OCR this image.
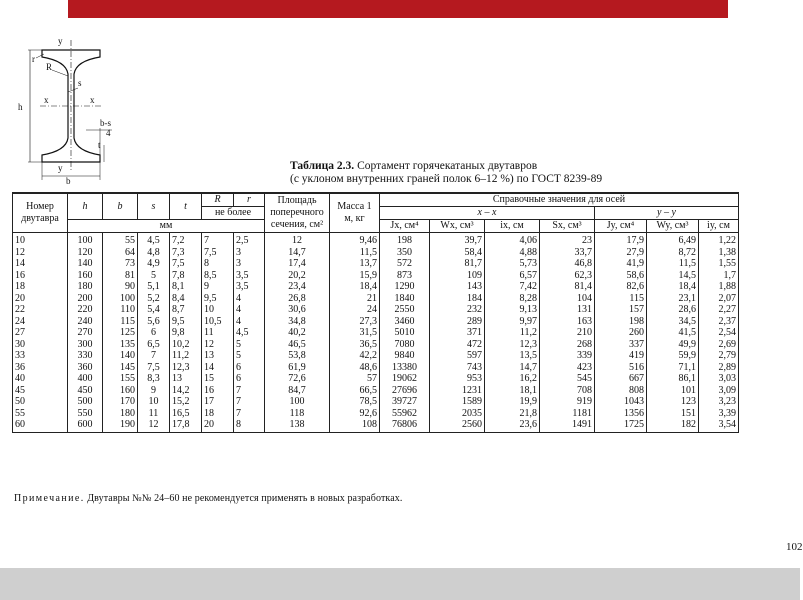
y
r
R
s
x	x
h
b-s
4
t
y
b
Таблица 2.3. Сортамент горячекатаных двутавров
(с уклоном внутренних граней полок 6–12 %) по ГОСТ 8239-89
Номер двутавра	h	b	s	t	R	r	Площадь поперечного сечения, см²	Масса 1 м, кг	Справочные значения для осей						
					не более				x – x				y – y		
	мм								Jx, см⁴	Wx, см³	ix, см	Sx, см³	Jy, см⁴	Wy, см³	iy, см
10	100	55	4,5	7,2	7	2,5	12	9,46	198	39,7	4,06	23	17,9	6,49	1,22
12	120	64	4,8	7,3	7,5	3	14,7	11,5	350	58,4	4,88	33,7	27,9	8,72	1,38
14	140	73	4,9	7,5	8	3	17,4	13,7	572	81,7	5,73	46,8	41,9	11,5	1,55
16	160	81	5	7,8	8,5	3,5	20,2	15,9	873	109	6,57	62,3	58,6	14,5	1,7
18	180	90	5,1	8,1	9	3,5	23,4	18,4	1290	143	7,42	81,4	82,6	18,4	1,88
20	200	100	5,2	8,4	9,5	4	26,8	21	1840	184	8,28	104	115	23,1	2,07
22	220	110	5,4	8,7	10	4	30,6	24	2550	232	9,13	131	157	28,6	2,27
24	240	115	5,6	9,5	10,5	4	34,8	27,3	3460	289	9,97	163	198	34,5	2,37
27	270	125	6	9,8	11	4,5	40,2	31,5	5010	371	11,2	210	260	41,5	2,54
30	300	135	6,5	10,2	12	5	46,5	36,5	7080	472	12,3	268	337	49,9	2,69
33	330	140	7	11,2	13	5	53,8	42,2	9840	597	13,5	339	419	59,9	2,79
36	360	145	7,5	12,3	14	6	61,9	48,6	13380	743	14,7	423	516	71,1	2,89
40	400	155	8,3	13	15	6	72,6	57	19062	953	16,2	545	667	86,1	3,03
45	450	160	9	14,2	16	7	84,7	66,5	27696	1231	18,1	708	808	101	3,09
50	500	170	10	15,2	17	7	100	78,5	39727	1589	19,9	919	1043	123	3,23
55	550	180	11	16,5	18	7	118	92,6	55962	2035	21,8	1181	1356	151	3,39
60	600	190	12	17,8	20	8	138	108	76806	2560	23,6	1491	1725	182	3,54
Примечание. Двутавры №№ 24–60 не рекомендуется применять в новых разработках.
102
